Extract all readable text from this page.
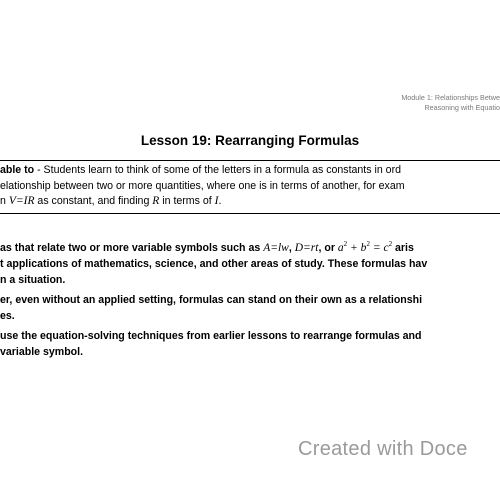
Module 1: Relationships Betwe
Reasoning with Equatio
Lesson 19: Rearranging Formulas
able to - Students learn to think of some of the letters in a formula as constants in ord
elationship between two or more quantities, where one is in terms of another, for exam
n V=IR as constant, and finding R in terms of I.
as that relate two or more variable symbols such as A=lw, D=rt, or $a^2 + b^2 = c^2$ aris
t applications of mathematics, science, and other areas of study. These formulas hav
n a situation.
er, even without an applied setting, formulas can stand on their own as a relationshi
es.
use the equation-solving techniques from earlier lessons to rearrange formulas and
variable symbol.
Created with Doce
